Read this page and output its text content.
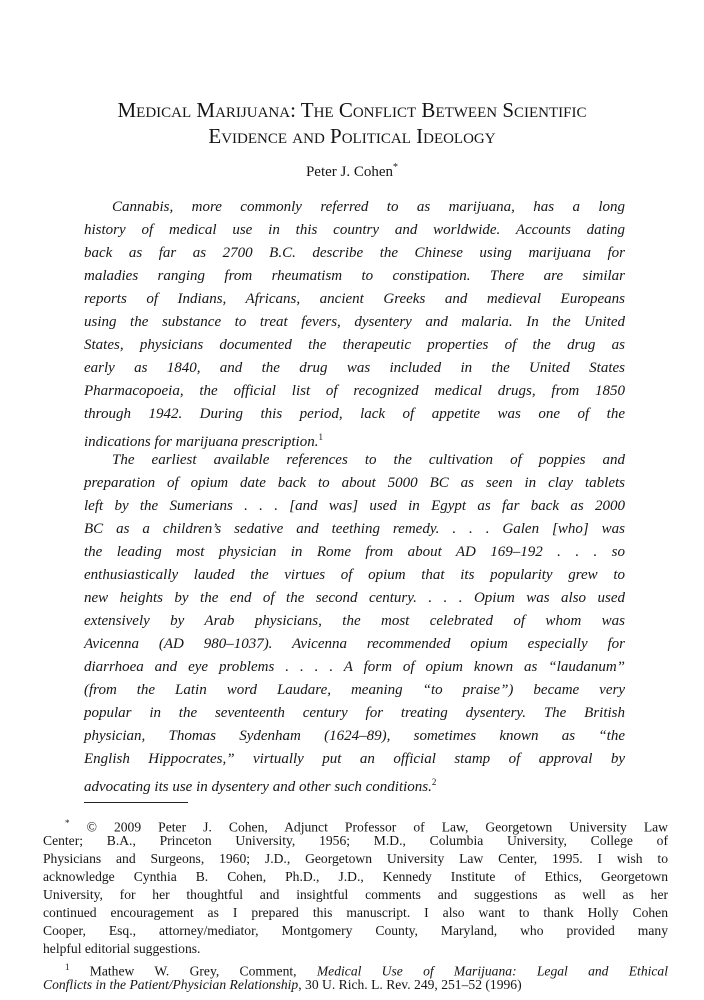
Medical Marijuana: The Conflict Between Scientific
Evidence and Political Ideology
Peter J. Cohen*
Cannabis, more commonly referred to as marijuana, has a long
history of medical use in this country and worldwide. Accounts dating
back as far as 2700 B.C. describe the Chinese using marijuana for
maladies ranging from rheumatism to constipation. There are similar
reports of Indians, Africans, ancient Greeks and medieval Europeans
using the substance to treat fevers, dysentery and malaria. In the United
States, physicians documented the therapeutic properties of the drug as
early as 1840, and the drug was included in the United States
Pharmacopoeia, the official list of recognized medical drugs, from 1850
through 1942. During this period, lack of appetite was one of the
indications for marijuana prescription.$^1$
The earliest available references to the cultivation of poppies and
preparation of opium date back to about 5000 BC as seen in clay tablets
left by the Sumerians . . . [and was] used in Egypt as far back as 2000
BC as a children’s sedative and teething remedy. . . . Galen [who] was
the leading most physician in Rome from about AD 169–192 . . . so
enthusiastically lauded the virtues of opium that its popularity grew to
new heights by the end of the second century. . . . Opium was also used
extensively by Arab physicians, the most celebrated of whom was
Avicenna (AD 980–1037). Avicenna recommended opium especially for
diarrhoea and eye problems . . . . A form of opium known as “laudanum”
(from the Latin word Laudare, meaning “to praise”) became very
popular in the seventeenth century for treating dysentery. The British
physician, Thomas Sydenham (1624–89), sometimes known as “the
English Hippocrates,” virtually put an official stamp of approval by
advocating its use in dysentery and other such conditions.$^2$
* © 2009 Peter J. Cohen, Adjunct Professor of Law, Georgetown University Law
Center; B.A., Princeton University, 1956; M.D., Columbia University, College of
Physicians and Surgeons, 1960; J.D., Georgetown University Law Center, 1995. I wish to
acknowledge Cynthia B. Cohen, Ph.D., J.D., Kennedy Institute of Ethics, Georgetown
University, for her thoughtful and insightful comments and suggestions as well as her
continued encouragement as I prepared this manuscript. I also want to thank Holly Cohen
Cooper, Esq., attorney/mediator, Montgomery County, Maryland, who provided many
helpful editorial suggestions.
$^1$ Mathew W. Grey, Comment, Medical Use of Marijuana: Legal and Ethical
Conflicts in the Patient/Physician Relationship, 30 U. Rich. L. Rev. 249, 251–52 (1996)
